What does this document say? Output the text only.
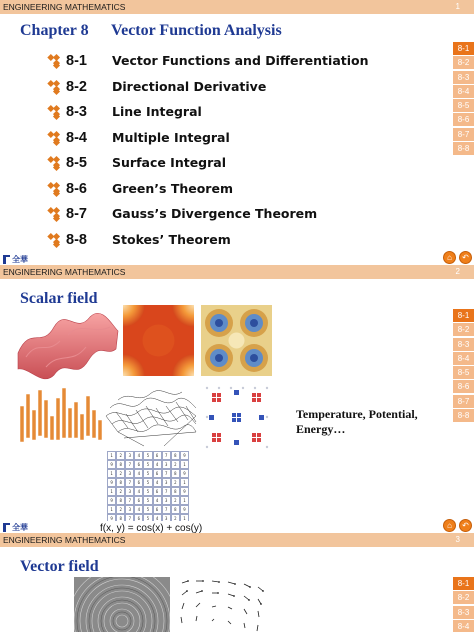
ENGINEERING MATHEMATICS	1
Chapter 8 Vector Function Analysis
8-1	Vector Functions and Differentiation
8-2	Directional Derivative
8-3	Line Integral
8-4	Multiple Integral
8-5	Surface Integral
8-6	Green’s Theorem
8-7	Gauss’s Divergence Theorem
8-8	Stokes’ Theorem
8-1
8-2
8-3
8-4
8-5
8-6
8-7
8-8
全華	⌂	↶
ENGINEERING MATHEMATICS	2
Scalar field
Temperature, Potential,
Energy…
1	2	3	4	5	6	7	8	9
9	8	7	6	5	4	3	2	1
1	2	3	4	5	6	7	8	9
9	8	7	6	5	4	3	2	1
1	2	3	4	5	6	7	8	9
9	8	7	6	5	4	3	2	1
1	2	3	4	5	6	7	8	9
9	8	7	6	5	4	3	2	1
f(x, y) = cos(x) + cos(y)
8-1
8-2
8-3
8-4
8-5
8-6
8-7
8-8
全華	⌂	↶
ENGINEERING MATHEMATICS	3
Vector field
8-1
8-2
8-3
8-4
